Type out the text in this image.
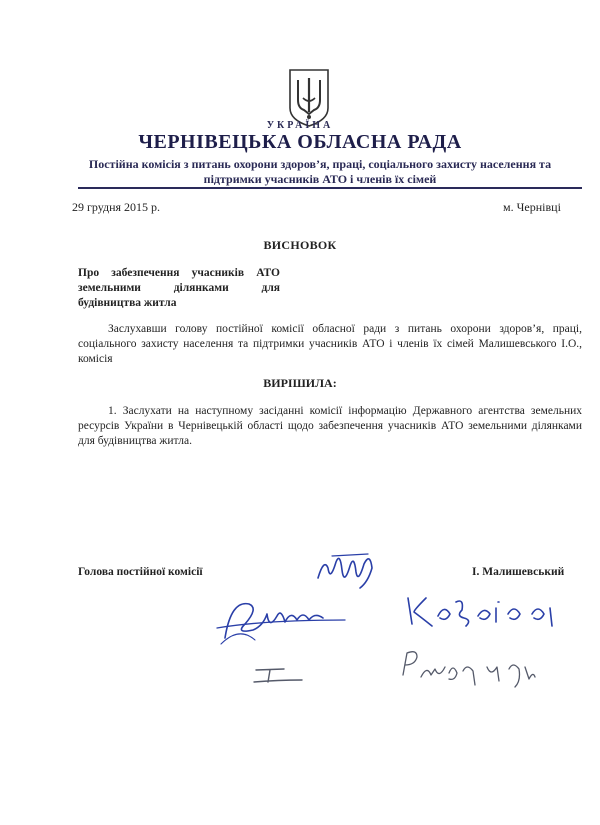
УКРАЇНА
ЧЕРНІВЕЦЬКА ОБЛАСНА РАДА
Постійна комісія з питань охорони здоров’я, праці, соціального захисту населення та
підтримки учасників АТО і членів їх сімей
29 грудня 2015 р.	м. Чернівці
ВИСНОВОК
Про забезпечення учасників АТО земельними ділянками для будівництва житла
Заслухавши голову постійної комісії обласної ради з питань охорони здоров’я, праці, соціального захисту населення та підтримки учасників АТО і членів їх сімей Малишевського І.О., комісія
ВИРІШИЛА:
1. Заслухати на наступному засіданні комісії інформацію Державного агентства земельних ресурсів України в Чернівецькій області щодо забезпечення учасників АТО земельними ділянками для будівництва житла.
Голова постійної комісії	І. Малишевський
